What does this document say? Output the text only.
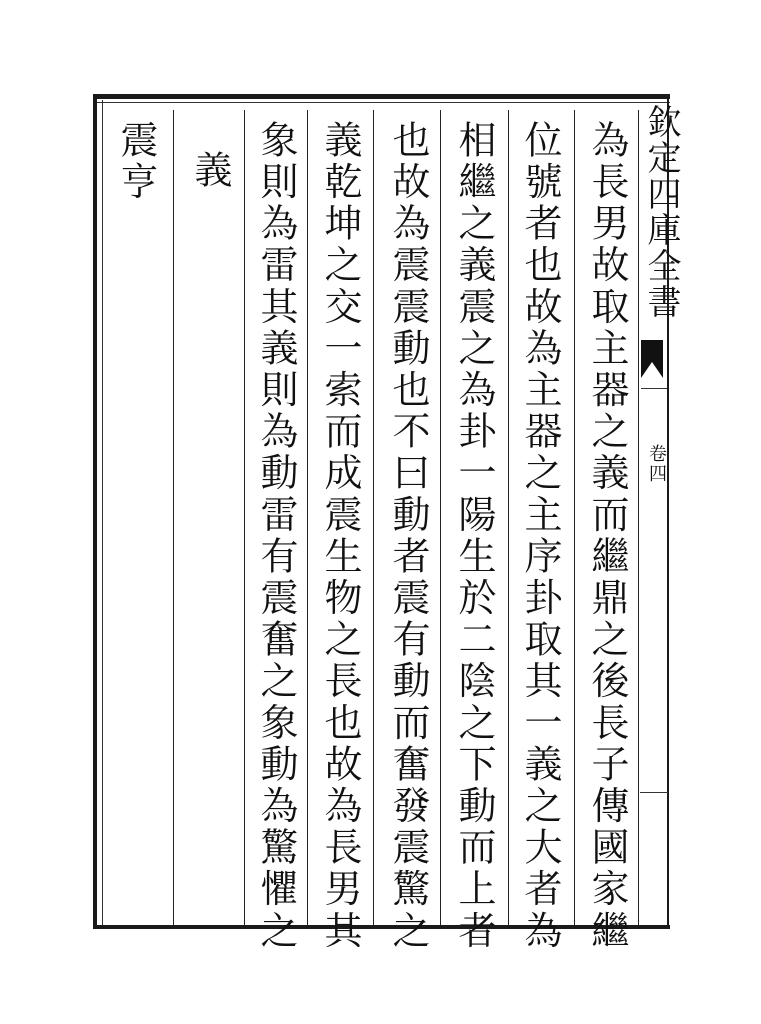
欽定四庫全書
卷四
為長男故取主器之義而繼鼎之後長子傳國家繼
位號者也故為主器之主序卦取其一義之大者為
相繼之義震之為卦一陽生於二陰之下動而上者
也故為震震動也不曰動者震有動而奮發震驚之
義乾坤之交一索而成震生物之長也故為長男其
象則為雷其義則為動雷有震奮之象動為驚懼之
義
震亨
